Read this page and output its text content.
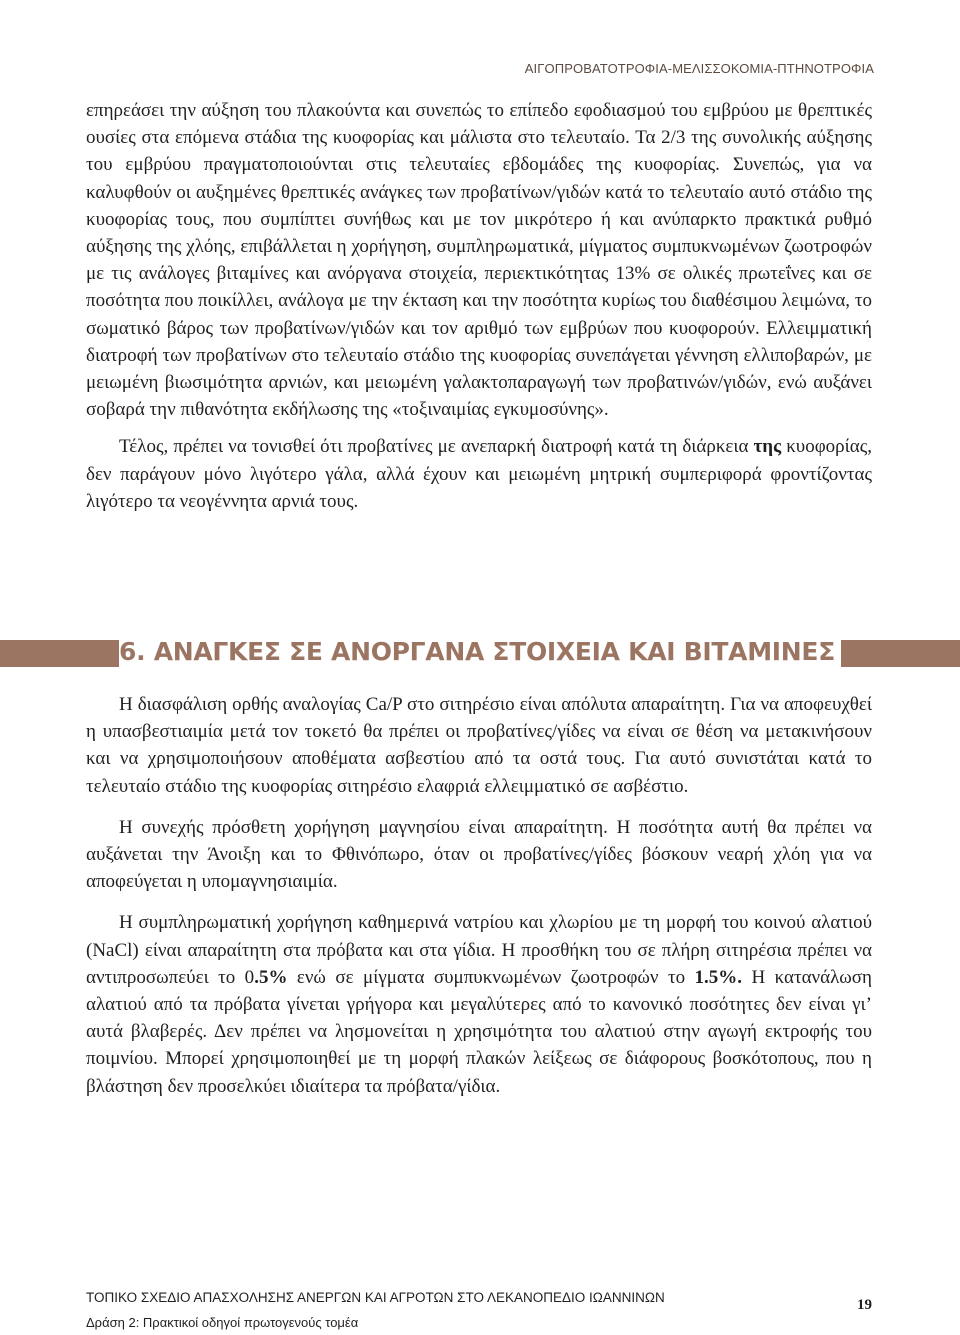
ΑΙΓΟΠΡΟΒΑΤΟΤΡΟΦΙΑ-ΜΕΛΙΣΣΟΚΟΜΙΑ-ΠΤΗΝΟΤΡΟΦΙΑ

επηρεάσει την αύξηση του πλακούντα και συνεπώς το επίπεδο εφοδιασμού του εμβρύου με θρεπτικές ουσίες στα επόμενα στάδια της κυοφορίας και μάλιστα στο τελευταίο. Τα 2/3 της συνολικής αύξησης του εμβρύου πραγματοποιούνται στις τελευταίες εβδομάδες της κυοφορίας. Συνεπώς, για να καλυφθούν οι αυξημένες θρεπτικές ανάγκες των προβατίνων/γιδών κατά το τελευταίο αυτό στάδιο της κυοφορίας τους, που συμπίπτει συνήθως και με τον μικρότερο ή και ανύπαρκτο πρακτικά ρυθμό αύξησης της χλόης, επιβάλλεται η χορήγηση, συμπληρωματικά, μίγματος συμπυκνωμένων ζωοτροφών με τις ανάλογες βιταμίνες και ανόργανα στοιχεία, περιεκτικότητας 13% σε ολικές πρωτεΐνες και σε ποσότητα που ποικίλλει, ανάλογα με την έκταση και την ποσότητα κυρίως του διαθέσιμου λειμώνα, το σωματικό βάρος των προβατίνων/γιδών και τον αριθμό των εμβρύων που κυοφορούν. Ελλειμματική διατροφή των προβατίνων στο τελευταίο στάδιο της κυοφορίας συνεπάγεται γέννηση ελλιποβαρών, με μειωμένη βιωσιμότητα αρνιών, και μειωμένη γαλακτοπαραγωγή των προβατινών/γιδών, ενώ αυξάνει σοβαρά την πιθανότητα εκδήλωσης της «τοξιναιμίας εγκυμοσύνης».

Τέλος, πρέπει να τονισθεί ότι προβατίνες με ανεπαρκή διατροφή κατά τη διάρκεια της κυοφορίας, δεν παράγουν μόνο λιγότερο γάλα, αλλά έχουν και μειωμένη μητρική συμπεριφορά φροντίζοντας λιγότερο τα νεογέννητα αρνιά τους.

6. ΑΝΑΓΚΕΣ ΣΕ ΑΝΟΡΓΑΝΑ ΣΤΟΙΧΕΙΑ ΚΑΙ ΒΙΤΑΜΙΝΕΣ

Η διασφάλιση ορθής αναλογίας Ca/P στο σιτηρέσιο είναι απόλυτα απαραίτητη. Για να αποφευχθεί η υπασβεστιαιμία μετά τον τοκετό θα πρέπει οι προβατίνες/γίδες να είναι σε θέση να μετακινήσουν και να χρησιμοποιήσουν αποθέματα ασβεστίου από τα οστά τους. Για αυτό συνιστάται κατά το τελευταίο στάδιο της κυοφορίας σιτηρέσιο ελαφριά ελλειμματικό σε ασβέστιο.

Η συνεχής πρόσθετη χορήγηση μαγνησίου είναι απαραίτητη. Η ποσότητα αυτή θα πρέπει να αυξάνεται την Άνοιξη και το Φθινόπωρο, όταν οι προβατίνες/γίδες βόσκουν νεαρή χλόη για να αποφεύγεται η υπομαγνησιαιμία.

Η συμπληρωματική χορήγηση καθημερινά νατρίου και χλωρίου με τη μορφή του κοινού αλατιού (NaCl) είναι απαραίτητη στα πρόβατα και στα γίδια. Η προσθήκη του σε πλήρη σιτηρέσια πρέπει να αντιπροσωπεύει το 0.5% ενώ σε μίγματα συμπυκνωμένων ζωοτροφών το 1.5%. Η κατανάλωση αλατιού από τα πρόβατα γίνεται γρήγορα και μεγαλύτερες από το κανονικό ποσότητες δεν είναι γι’ αυτά βλαβερές. Δεν πρέπει να λησμονείται η χρησιμότητα του αλατιού στην αγωγή εκτροφής του ποιμνίου. Μπορεί χρησιμοποιηθεί με τη μορφή πλακών λείξεως σε διάφορους βοσκότοπους, που η βλάστηση δεν προσελκύει ιδιαίτερα τα πρόβατα/γίδια.

ΤΟΠΙΚΟ ΣΧΕΔΙΟ ΑΠΑΣΧΟΛΗΣΗΣ ΑΝΕΡΓΩΝ ΚΑΙ ΑΓΡΟΤΩΝ ΣΤΟ ΛΕΚΑΝΟΠΕΔΙΟ ΙΩΑΝΝΙΝΩΝ
Δράση 2: Πρακτικοί οδηγοί πρωτογενούς τομέα
19
